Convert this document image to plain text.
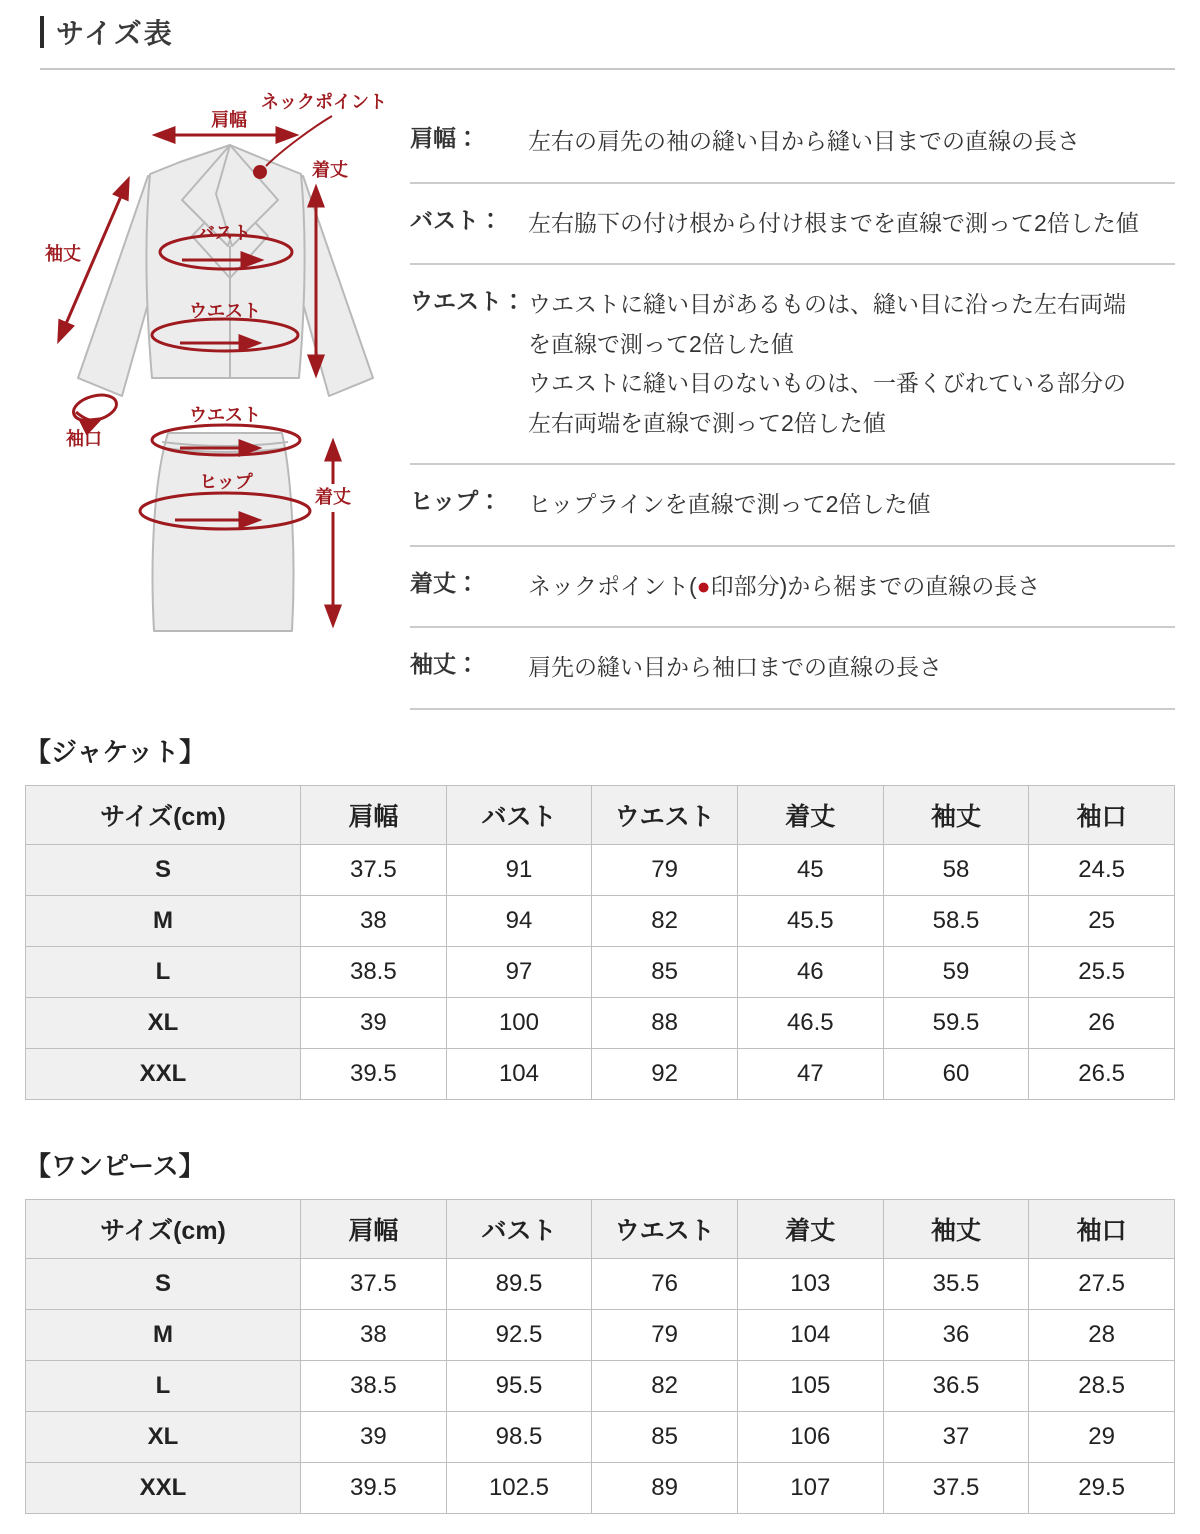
サイズ表
肩幅
ネックポイント
着丈
袖丈
バスト
ウエスト
袖口
ウエスト
ヒップ
着丈
肩幅：	左右の肩先の袖の縫い目から縫い目までの直線の長さ
バスト：	左右脇下の付け根から付け根までを直線で測って2倍した値
ウエスト： ウエストに縫い目があるものは、縫い目に沿った左右両端を直線で測って2倍した値
ウエストに縫い目のないものは、一番くびれている部分の左右両端を直線で測って2倍した値
ヒップ：	ヒップラインを直線で測って2倍した値
着丈：	ネックポイント(●印部分)から裾までの直線の長さ
袖丈：	肩先の縫い目から袖口までの直線の長さ
【ジャケット】
サイズ(cm)	肩幅	バスト	ウエスト	着丈	袖丈	袖口
S	37.5	91	79	45	58	24.5
M	38	94	82	45.5	58.5	25
L	38.5	97	85	46	59	25.5
XL	39	100	88	46.5	59.5	26
XXL	39.5	104	92	47	60	26.5
【ワンピース】
サイズ(cm)	肩幅	バスト	ウエスト	着丈	袖丈	袖口
S	37.5	89.5	76	103	35.5	27.5
M	38	92.5	79	104	36	28
L	38.5	95.5	82	105	36.5	28.5
XL	39	98.5	85	106	37	29
XXL	39.5	102.5	89	107	37.5	29.5
